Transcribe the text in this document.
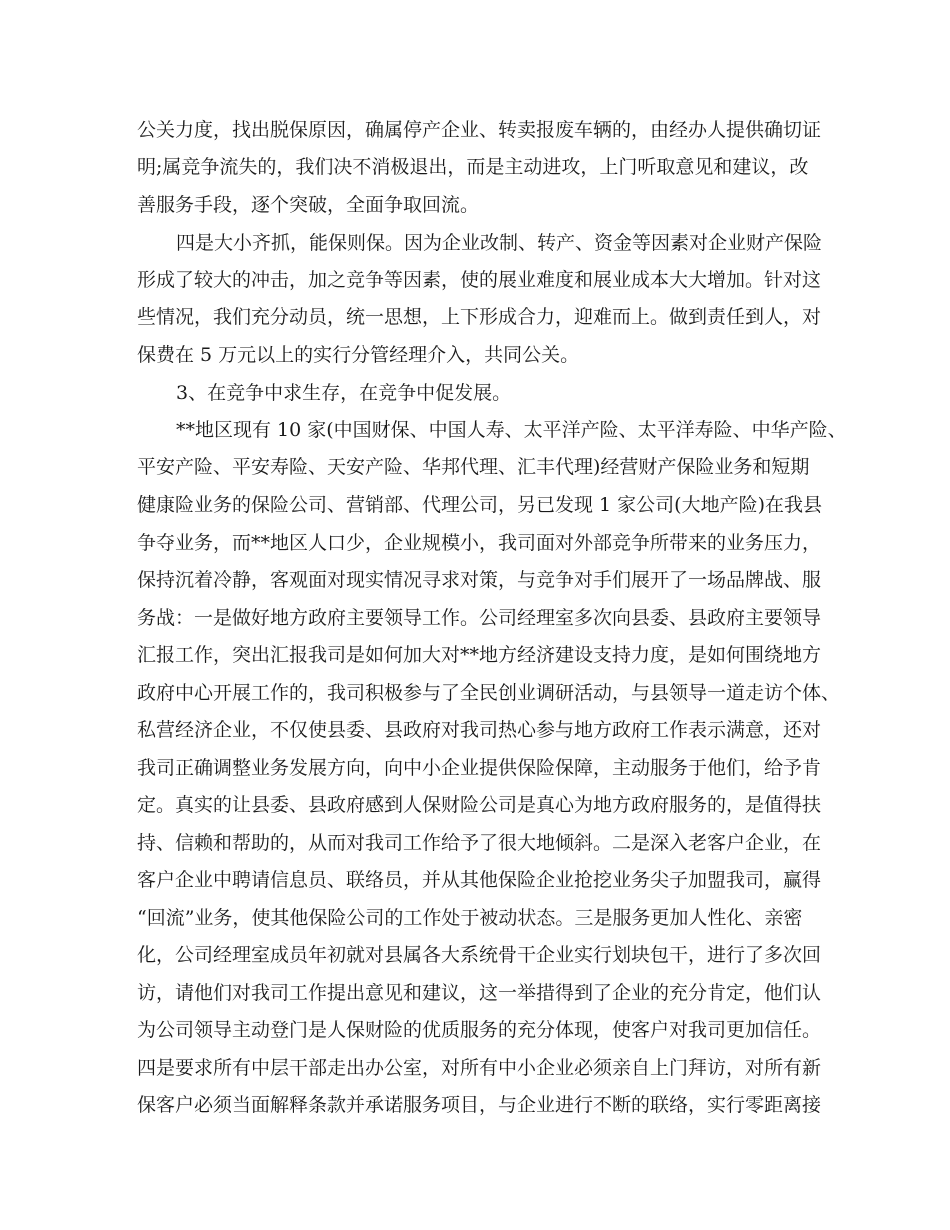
公关力度，找出脱保原因，确属停产企业、转卖报废车辆的，由经办人提供确切证
明;属竞争流失的，我们决不消极退出，而是主动进攻，上门听取意见和建议，改
善服务手段，逐个突破，全面争取回流。
四是大小齐抓，能保则保。因为企业改制、转产、资金等因素对企业财产保险
形成了较大的冲击，加之竞争等因素，使的展业难度和展业成本大大增加。针对这
些情况，我们充分动员，统一思想，上下形成合力，迎难而上。做到责任到人，对
保费在 5 万元以上的实行分管经理介入，共同公关。
3、在竞争中求生存，在竞争中促发展。
**地区现有 10 家(中国财保、中国人寿、太平洋产险、太平洋寿险、中华产险、
平安产险、平安寿险、天安产险、华邦代理、汇丰代理)经营财产保险业务和短期
健康险业务的保险公司、营销部、代理公司，另已发现 1 家公司(大地产险)在我县
争夺业务，而**地区人口少，企业规模小，我司面对外部竞争所带来的业务压力，
保持沉着冷静，客观面对现实情况寻求对策，与竞争对手们展开了一场品牌战、服
务战：一是做好地方政府主要领导工作。公司经理室多次向县委、县政府主要领导
汇报工作，突出汇报我司是如何加大对**地方经济建设支持力度，是如何围绕地方
政府中心开展工作的，我司积极参与了全民创业调研活动，与县领导一道走访个体、
私营经济企业，不仅使县委、县政府对我司热心参与地方政府工作表示满意，还对
我司正确调整业务发展方向，向中小企业提供保险保障，主动服务于他们，给予肯
定。真实的让县委、县政府感到人保财险公司是真心为地方政府服务的，是值得扶
持、信赖和帮助的，从而对我司工作给予了很大地倾斜。二是深入老客户企业，在
客户企业中聘请信息员、联络员，并从其他保险企业抢挖业务尖子加盟我司，赢得
“回流”业务，使其他保险公司的工作处于被动状态。三是服务更加人性化、亲密
化，公司经理室成员年初就对县属各大系统骨干企业实行划块包干，进行了多次回
访，请他们对我司工作提出意见和建议，这一举措得到了企业的充分肯定，他们认
为公司领导主动登门是人保财险的优质服务的充分体现，使客户对我司更加信任。
四是要求所有中层干部走出办公室，对所有中小企业必须亲自上门拜访，对所有新
保客户必须当面解释条款并承诺服务项目，与企业进行不断的联络，实行零距离接
